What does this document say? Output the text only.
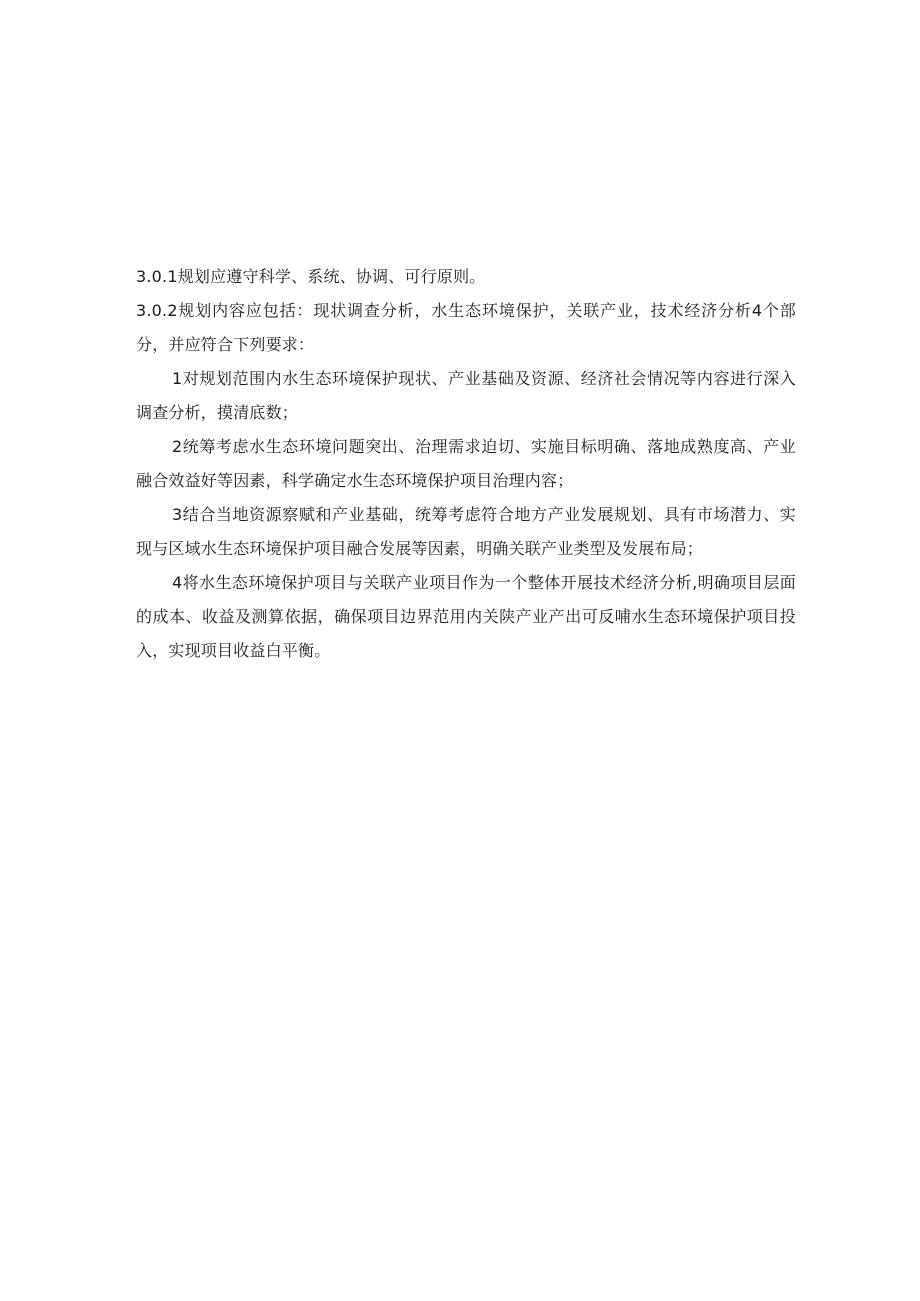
3.0.1规划应遵守科学、系统、协调、可行原则。

3.0.2规划内容应包括：现状调查分析，水生态环境保护，关联产业，技术经济分析4个部分，并应符合下列要求：

1对规划范围内水生态环境保护现状、产业基础及资源、经济社会情况等内容进行深入调查分析，摸清底数；

2统筹考虑水生态环境问题突出、治理需求迫切、实施目标明确、落地成熟度高、产业融合效益好等因素，科学确定水生态环境保护项目治理内容；

3结合当地资源察赋和产业基础，统筹考虑符合地方产业发展规划、具有市场潜力、实现与区域水生态环境保护项目融合发展等因素，明确关联产业类型及发展布局；

4将水生态环境保护项目与关联产业项目作为一个整体开展技术经济分析,明确项目层面的成本、收益及测算依据，确保项目边界范用内关陕产业产出可反哺水生态环境保护项目投入，实现项目收益白平衡。
